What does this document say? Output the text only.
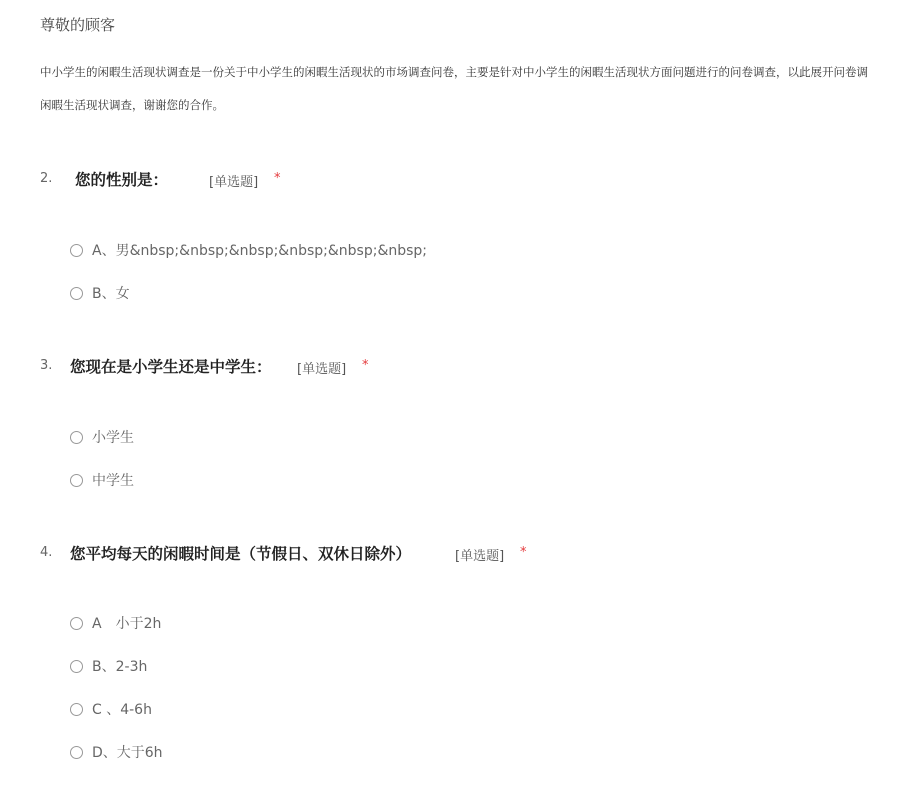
尊敬的顾客
中小学生的闲暇生活现状调查是一份关于中小学生的闲暇生活现状的市场调查问卷，主要是针对中小学生的闲暇生活现状方面问题进行的问卷调查，以此展开问卷调
闲暇生活现状调查，谢谢您的合作。
2. 您的性别是：	[单选题] *
A、男&nbsp;&nbsp;&nbsp;&nbsp;&nbsp;&nbsp;
B、女
3. 您现在是小学生还是中学生： [单选题] *
小学生
中学生
4. 您平均每天的闲暇时间是（节假日、双休日除外）	[单选题] *
A　小于2h
B、2-3h
C 、4-6h
D、大于6h
